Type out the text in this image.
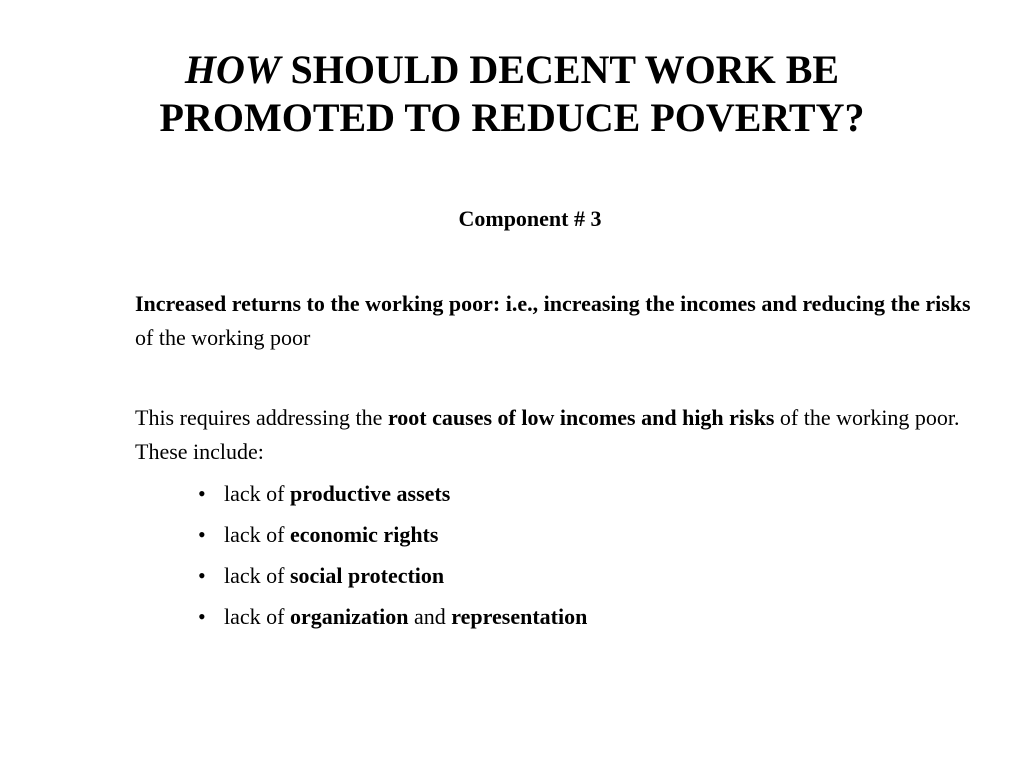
HOW SHOULD DECENT WORK BE
PROMOTED TO REDUCE POVERTY?
Component # 3
Increased returns to the working poor: i.e., increasing the incomes and reducing the risks of the working poor
This requires addressing the root causes of low incomes and high risks of the working poor. These include:
• lack of productive assets
• lack of economic rights
• lack of social protection
• lack of organization and representation
